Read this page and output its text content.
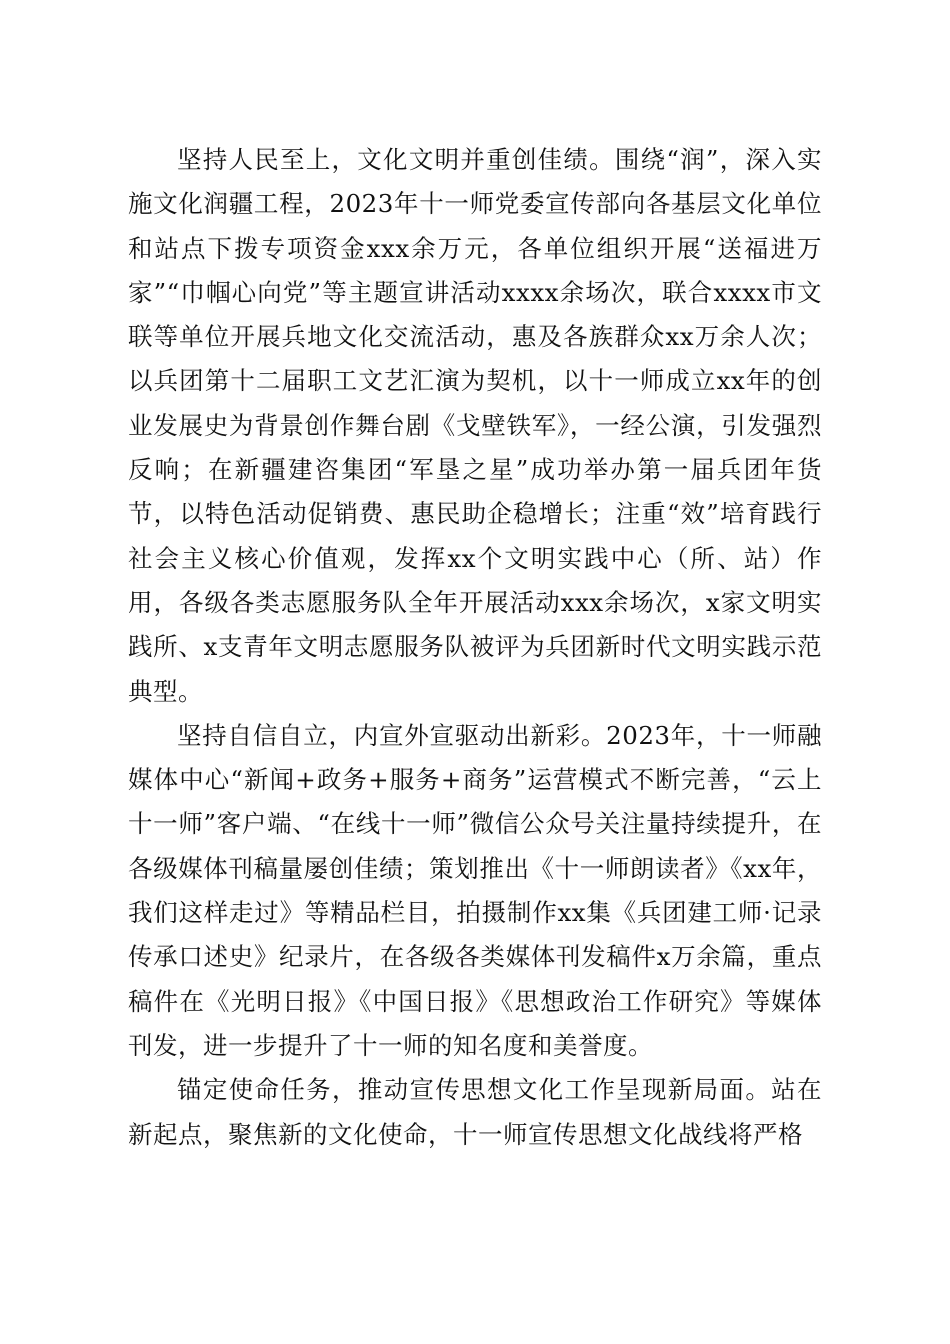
坚持人民至上，文化文明并重创佳绩。围绕“润”，深入实施文化润疆工程，2023年十一师党委宣传部向各基层文化单位和站点下拨专项资金xxx余万元，各单位组织开展“送福进万家”“巾帼心向党”等主题宣讲活动xxxx余场次，联合xxxx市文联等单位开展兵地文化交流活动，惠及各族群众xx万余人次；以兵团第十二届职工文艺汇演为契机，以十一师成立xx年的创业发展史为背景创作舞台剧《戈壁铁军》，一经公演，引发强烈反响；在新疆建咨集团“军垦之星”成功举办第一届兵团年货节，以特色活动促销费、惠民助企稳增长；注重“效”培育践行社会主义核心价值观，发挥xx个文明实践中心（所、站）作用，各级各类志愿服务队全年开展活动xxx余场次，x家文明实践所、x支青年文明志愿服务队被评为兵团新时代文明实践示范典型。

坚持自信自立，内宣外宣驱动出新彩。2023年，十一师融媒体中心“新闻+政务+服务+商务”运营模式不断完善，“云上十一师”客户端、“在线十一师”微信公众号关注量持续提升，在各级媒体刊稿量屡创佳绩；策划推出《十一师朗读者》《xx年，我们这样走过》等精品栏目，拍摄制作xx集《兵团建工师·记录传承口述史》纪录片，在各级各类媒体刊发稿件x万余篇，重点稿件在《光明日报》《中国日报》《思想政治工作研究》等媒体刊发，进一步提升了十一师的知名度和美誉度。

锚定使命任务，推动宣传思想文化工作呈现新局面。站在新起点，聚焦新的文化使命，十一师宣传思想文化战线将严格
